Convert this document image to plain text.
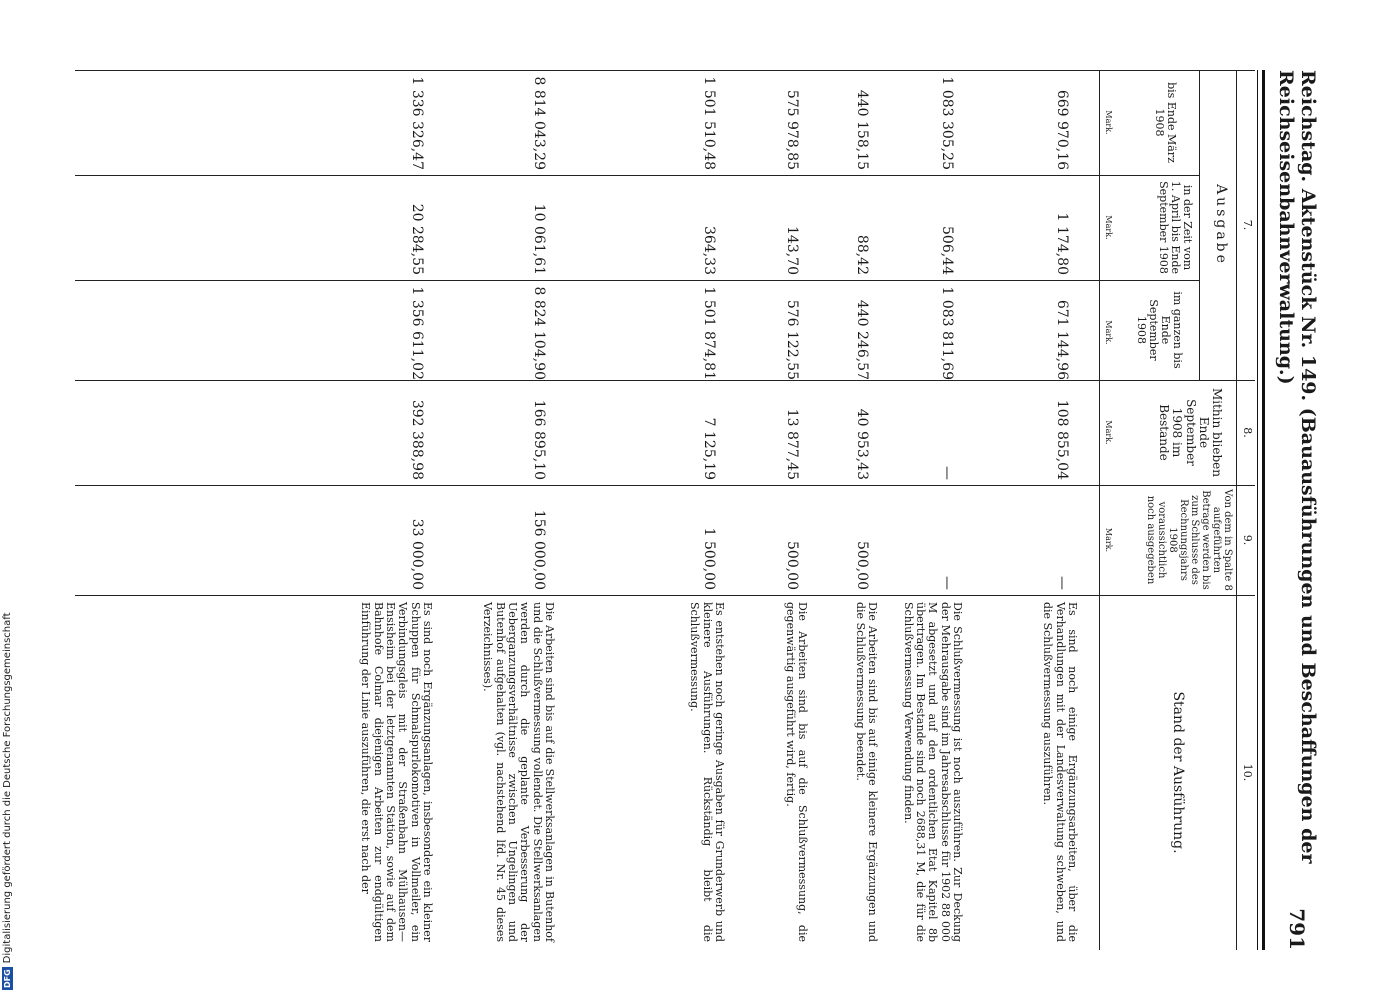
Reichstag. Aktenstück Nr. 149. (Bauausführungen und Beschaffungen der Reichseisenbahnverwaltung.)
791
7.
8.
9.
10.
Ausgabe
bis Ende März 1908
in der Zeit vom 1. April bis Ende September 1908
im ganzen bis Ende September 1908
Mithin blieben Ende September 1908 im Bestande
Von dem in Spalte 8 aufgeführten Betrage werden bis zum Schlusse des Rechnungsjahrs 1908 voraussichtlich noch ausgegeben
Stand der Ausführung.
Mark.
Mark.
Mark.
Mark.
Mark.
669 970,16
1 174,80
671 144,96
108 855,04
—
Es sind noch einige Ergänzungsarbeiten, über die Verhandlungen mit der Landesverwaltung schweben, und die Schlußvermessung auszuführen.
1 083 305,25
506,44
1 083 811,69
—
—
Die Schlußvermessung ist noch auszuführen. Zur Deckung der Mehrausgabe sind im Jahresabschlusse für 1902 88 000 M abgesetzt und auf den ordentlichen Etat Kapitel 8b übertragen. Im Bestande sind noch 2688,31 M, die für die Schlußvermessung Verwendung finden.
440 158,15
88,42
440 246,57
40 953,43
500,00
Die Arbeiten sind bis auf einige kleinere Ergänzungen und die Schlußvermessung beendet.
575 978,85
143,70
576 122,55
13 877,45
500,00
Die Arbeiten sind bis auf die Schlußvermessung, die gegenwärtig ausgeführt wird, fertig.
1 501 510,48
364,33
1 501 874,81
7 125,19
1 500,00
Es entstehen noch geringe Ausgaben für Grunderwerb und kleinere Ausführungen. Rückständig bleibt die Schlußvermessung.
8 814 043,29
10 061,61
8 824 104,90
166 895,10
156 000,00
Die Arbeiten sind bis auf die Stellwerksanlagen in Butenhof und die Schlußvermessung vollendet. Die Stellwerksanlagen werden durch die geplante Verbesserung der Ueberganzungsverhältnisse zwischen Ungelingen und Butenhof aufgehalten (vgl. nachstehend lfd. Nr. 45 dieses Verzeichnisses).
1 336 326,47
20 284,55
1 356 611,02
392 388,98
33 000,00
Es sind noch Ergänzungsanlagen, insbesondere ein kleiner Schuppen für Schmalspurlokomotiven in Vollmeiler, ein Verbindungsgleis mit der Straßenbahn Mülhausen—Ensisheim bei der letztgenannten Station, sowie auf dem Bahnhofe Colmar diejenigen Arbeiten zur endgültigen Einführung der Linie auszuführen, die erst nach der
DFGDigitalisierung gefördert durch die Deutsche Forschungsgemeinschaft
